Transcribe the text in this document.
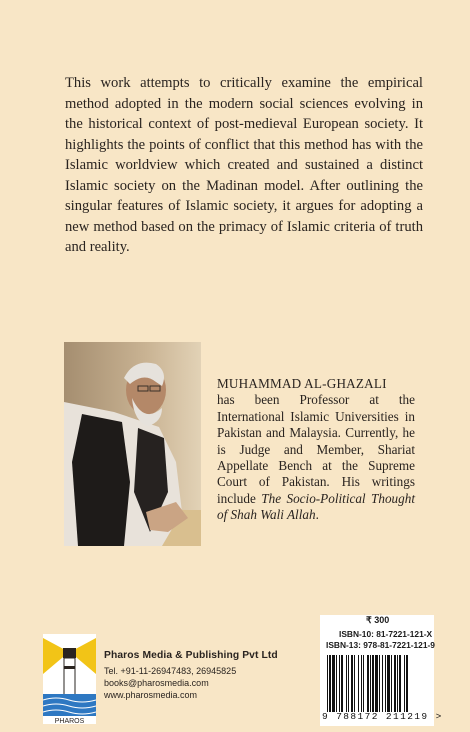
This work attempts to critically examine the empirical method adopted in the modern social sciences evolving in the historical context of post-medieval European society. It highlights the points of conflict that this method has with the Islamic worldview which created and sustained a distinct Islamic society on the Madinan model. After outlining the singular features of Islamic society, it argues for adopting a new method based on the primacy of Islamic criteria of truth and reality.

MUHAMMAD AL-GHAZALI
has been Professor at the International Islamic Universities in Pakistan and Malaysia. Currently, he is Judge and Member, Shariat Appellate Bench at the Supreme Court of Pakistan. His writings include The Socio-Political Thought of Shah Wali Allah.

PHAROS
Pharos Media & Publishing Pvt Ltd
Tel. +91-11-26947483, 26945825
books@pharosmedia.com
www.pharosmedia.com
₹ 300
ISBN-10: 81-7221-121-X
ISBN-13: 978-81-7221-121-9
9 788172 211219 >
